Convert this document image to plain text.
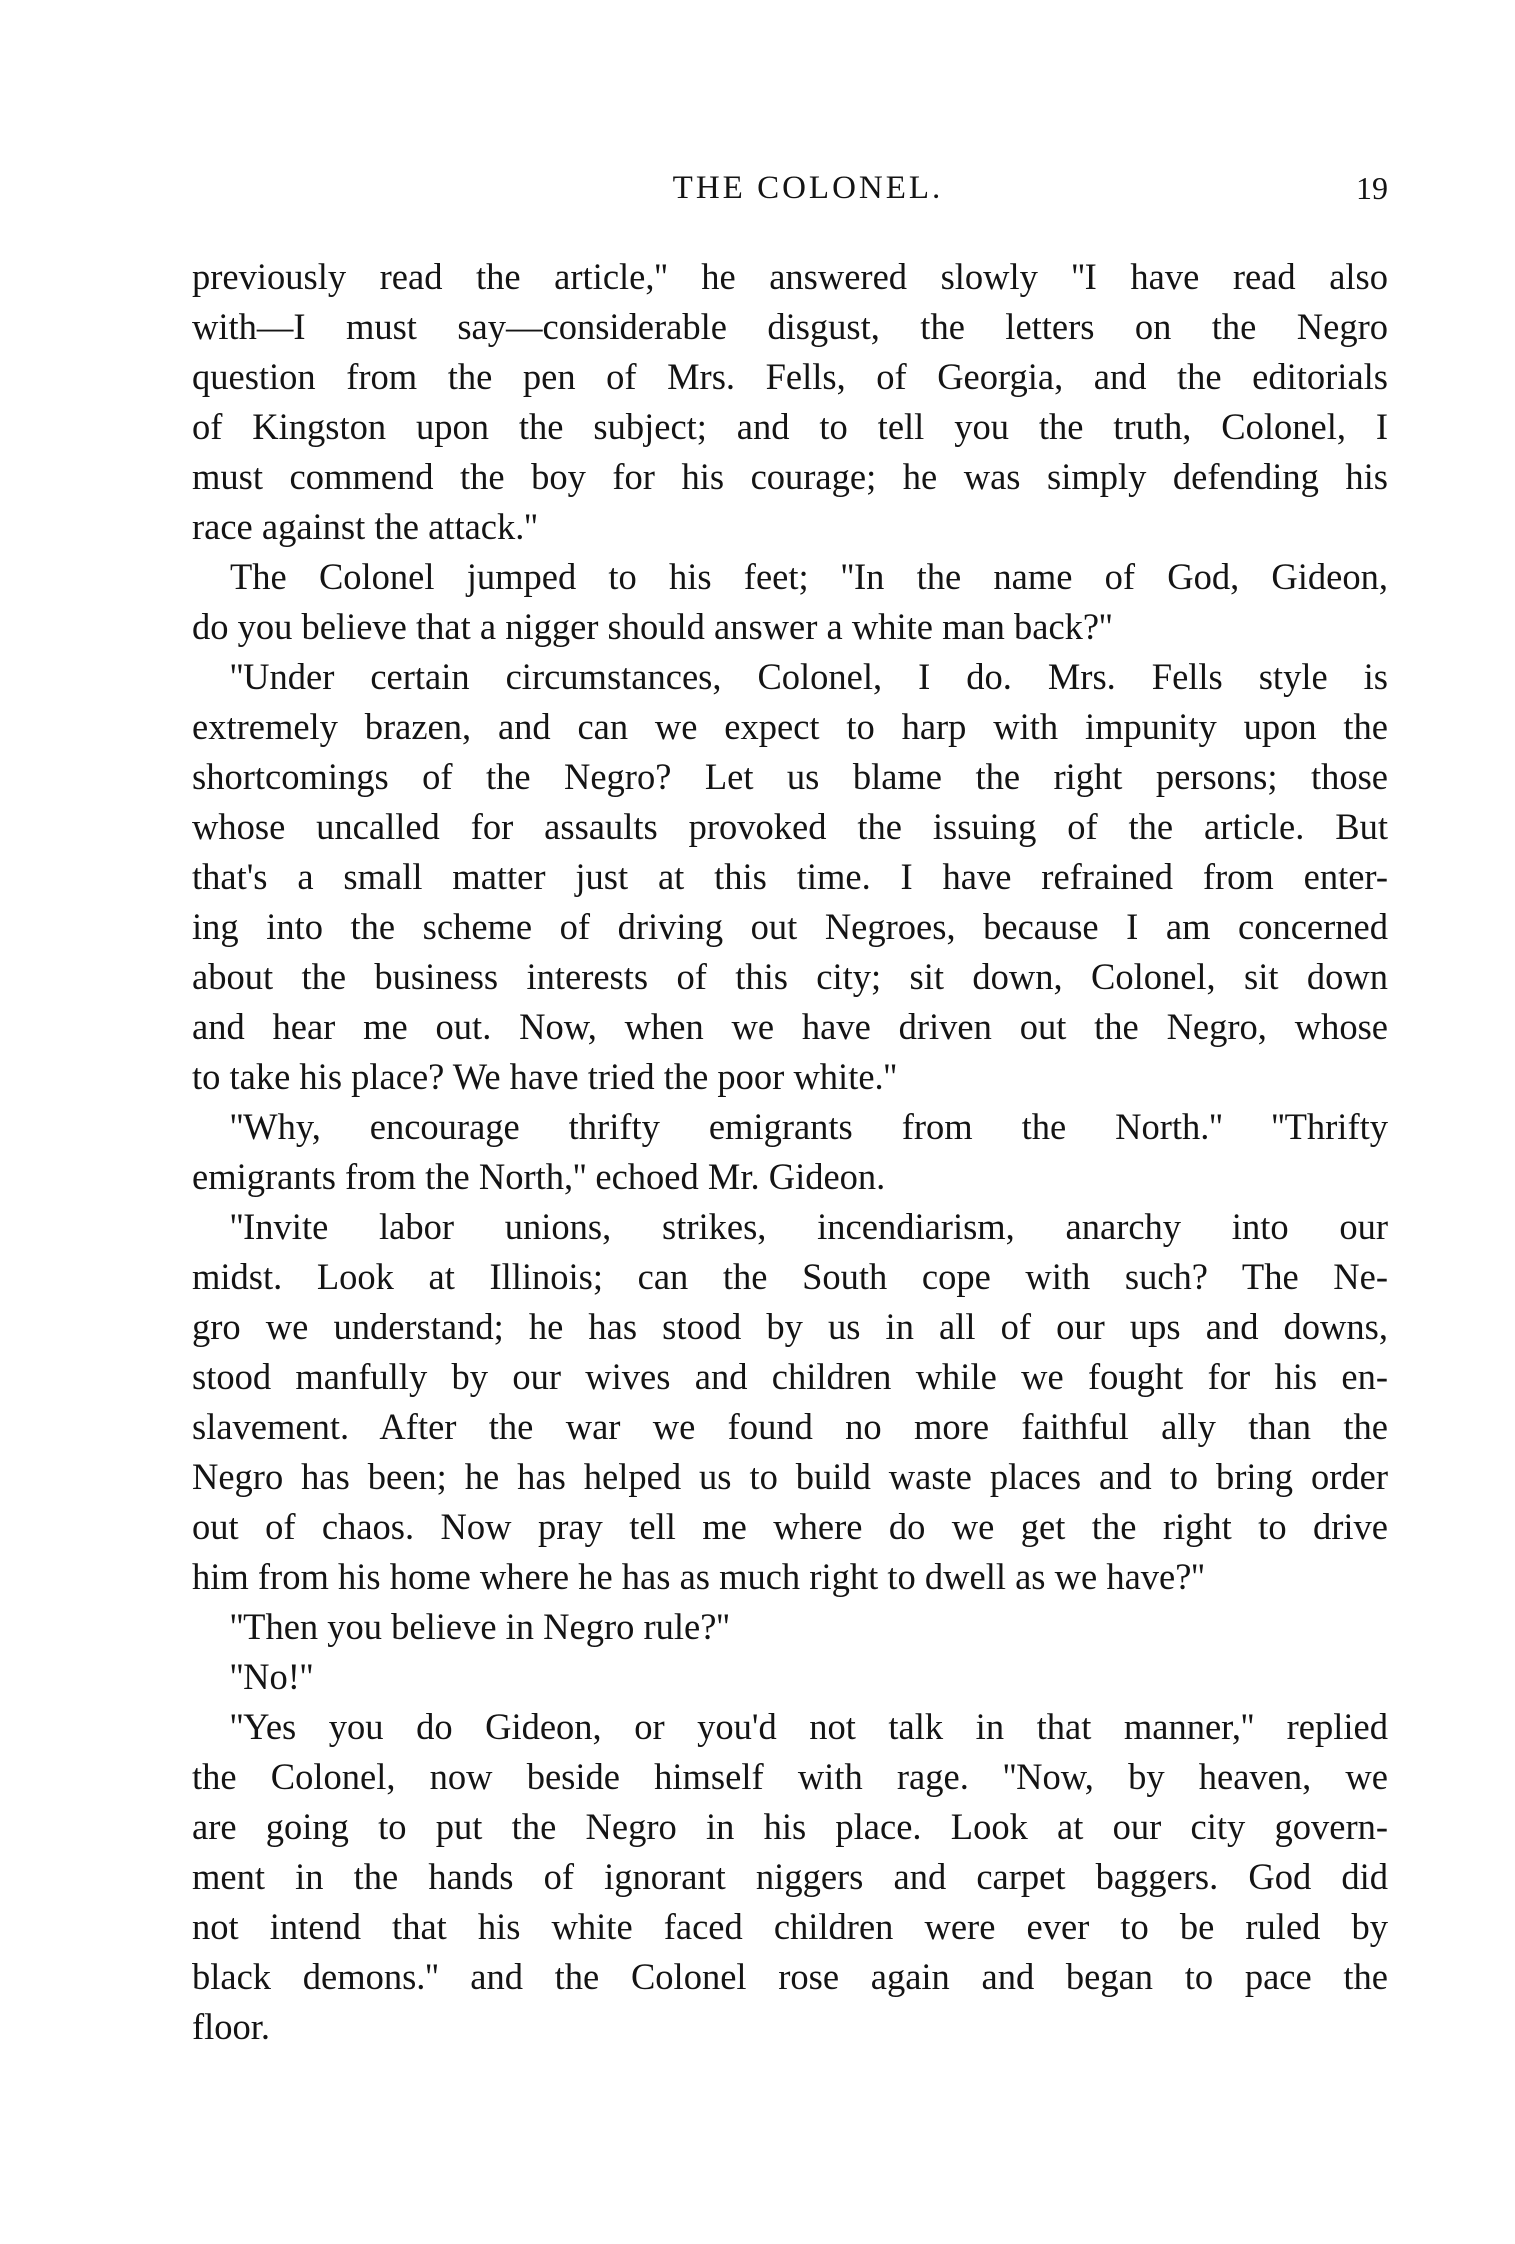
THE COLONEL.	19
previously read the article,'' he answered slowly ''I have read also
with—I must say—considerable disgust, the letters on the Negro
question from the pen of Mrs. Fells, of Georgia, and the editorials
of Kingston upon the subject; and to tell you the truth, Colonel, I
must commend the boy for his courage; he was simply defending his
race against the attack.''
The Colonel jumped to his feet; ''In the name of God, Gideon,
do you believe that a nigger should answer a white man back?''
''Under certain circumstances, Colonel, I do. Mrs. Fells style is
extremely brazen, and can we expect to harp with impunity upon the
shortcomings of the Negro? Let us blame the right persons; those
whose uncalled for assaults provoked the issuing of the article. But
that's a small matter just at this time. I have refrained from enter-
ing into the scheme of driving out Negroes, because I am concerned
about the business interests of this city; sit down, Colonel, sit down
and hear me out. Now, when we have driven out the Negro, whose
to take his place? We have tried the poor white.''
''Why, encourage thrifty emigrants from the North.'' ''Thrifty
emigrants from the North,'' echoed Mr. Gideon.
''Invite labor unions, strikes, incendiarism, anarchy into our
midst. Look at Illinois; can the South cope with such? The Ne-
gro we understand; he has stood by us in all of our ups and downs,
stood manfully by our wives and children while we fought for his en-
slavement. After the war we found no more faithful ally than the
Negro has been; he has helped us to build waste places and to bring order
out of chaos. Now pray tell me where do we get the right to drive
him from his home where he has as much right to dwell as we have?''
''Then you believe in Negro rule?''
''No!''
''Yes you do Gideon, or you'd not talk in that manner,'' replied
the Colonel, now beside himself with rage. ''Now, by heaven, we
are going to put the Negro in his place. Look at our city govern-
ment in the hands of ignorant niggers and carpet baggers. God did
not intend that his white faced children were ever to be ruled by
black demons.'' and the Colonel rose again and began to pace the
floor.
